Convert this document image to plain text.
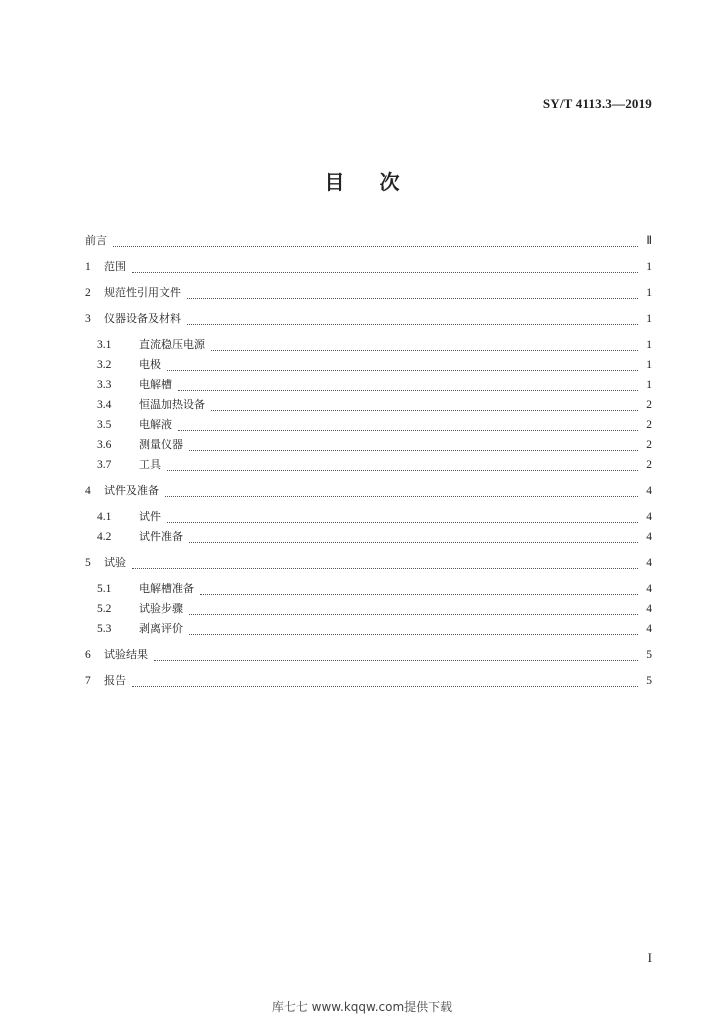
SY/T 4113.3—2019
目 次
前言	Ⅱ
1	范围	1
2	规范性引用文件	1
3	仪器设备及材料	1
3.1	直流稳压电源	1
3.2	电极	1
3.3	电解槽	1
3.4	恒温加热设备	2
3.5	电解液	2
3.6	测量仪器	2
3.7	工具	2
4	试件及准备	4
4.1	试件	4
4.2	试件准备	4
5	试验	4
5.1	电解槽准备	4
5.2	试验步骤	4
5.3	剥离评价	4
6	试验结果	5
7	报告	5
I
库七七 www.kqqw.com提供下载
